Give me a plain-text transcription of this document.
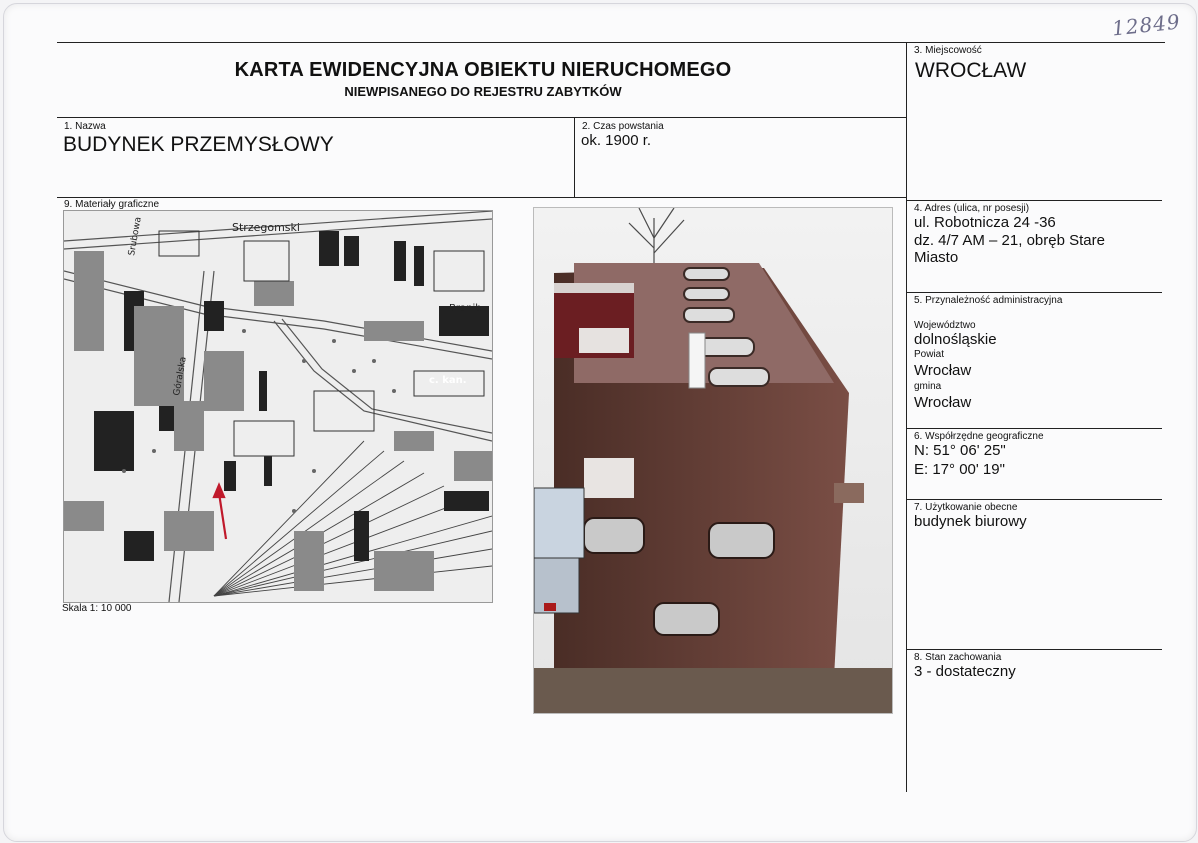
12849
KARTA EWIDENCYJNA OBIEKTU NIERUCHOMEGO
NIEWPISANEGO DO REJESTRU ZABYTKÓW
3. Miejscowość
WROCŁAW
1. Nazwa
BUDYNEK PRZEMYSŁOWY
2. Czas powstania
ok. 1900 r.
9. Materiały graficzne
Skala 1: 10 000
Strzegomski
Srubowa
Góralska
Branib
c. kan.
4. Adres (ulica, nr posesji)
ul. Robotnicza 24 -36
dz. 4/7 AM – 21, obręb Stare
Miasto
5. Przynależność administracyjna
Województwo
dolnośląskie
Powiat
Wrocław
gmina
Wrocław
6. Współrzędne geograficzne
N: 51° 06' 25"
E: 17° 00' 19"
7. Użytkowanie obecne
budynek biurowy
8. Stan zachowania
3 - dostateczny
